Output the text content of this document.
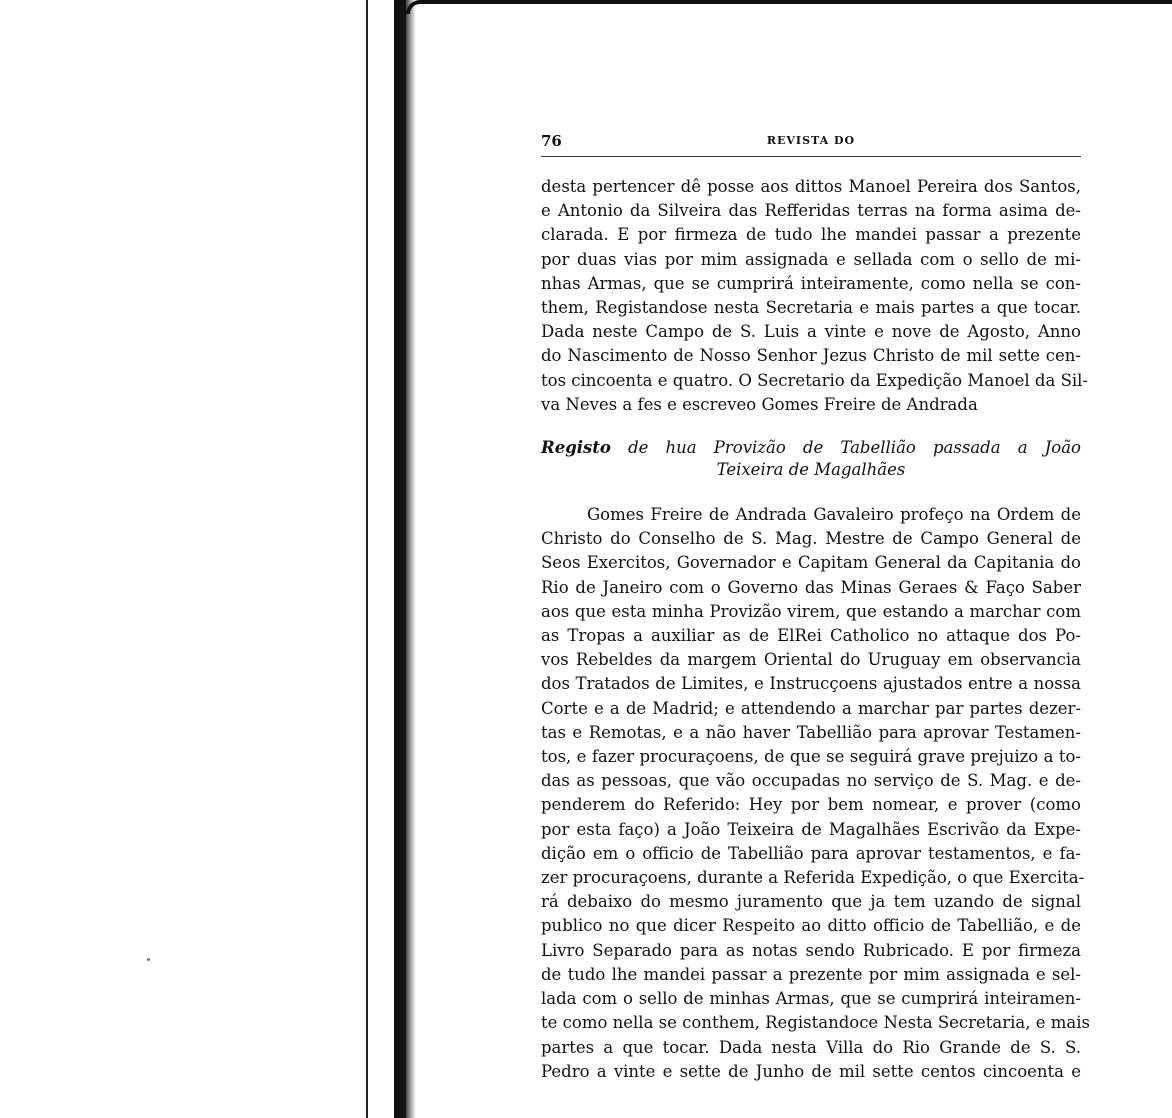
76	REVISTA DO
desta pertencer dê posse aos dittos Manoel Pereira dos Santos,
e Antonio da Silveira das Refferidas terras na forma asima de-
clarada. E por firmeza de tudo lhe mandei passar a prezente
por duas vias por mim assignada e sellada com o sello de mi-
nhas Armas, que se cumprirá inteiramente, como nella se con-
them, Registandose nesta Secretaria e mais partes a que tocar.
Dada neste Campo de S. Luis a vinte e nove de Agosto, Anno
do Nascimento de Nosso Senhor Jezus Christo de mil sette cen-
tos cincoenta e quatro. O Secretario da Expedição Manoel da Sil-
va Neves a fes e escreveo Gomes Freire de Andrada
Registo de hua Provizão de Tabellião passada a João
Teixeira de Magalhães
Gomes Freire de Andrada Gavaleiro profeço na Ordem de
Christo do Conselho de S. Mag. Mestre de Campo General de
Seos Exercitos, Governador e Capitam General da Capitania do
Rio de Janeiro com o Governo das Minas Geraes & Faço Saber
aos que esta minha Provizão virem, que estando a marchar com
as Tropas a auxiliar as de ElRei Catholico no attaque dos Po-
vos Rebeldes da margem Oriental do Uruguay em observancia
dos Tratados de Limites, e Instrucçoens ajustados entre a nossa
Corte e a de Madrid; e attendendo a marchar par partes dezer-
tas e Remotas, e a não haver Tabellião para aprovar Testamen-
tos, e fazer procuraçoens, de que se seguirá grave prejuizo a to-
das as pessoas, que vão occupadas no serviço de S. Mag. e de-
penderem do Referido: Hey por bem nomear, e prover (como
por esta faço) a João Teixeira de Magalhães Escrivão da Expe-
dição em o officio de Tabellião para aprovar testamentos, e fa-
zer procuraçoens, durante a Referida Expedição, o que Exercita-
rá debaixo do mesmo juramento que ja tem uzando de signal
publico no que dicer Respeito ao ditto officio de Tabellião, e de
Livro Separado para as notas sendo Rubricado. E por firmeza
de tudo lhe mandei passar a prezente por mim assignada e sel-
lada com o sello de minhas Armas, que se cumprirá inteiramen-
te como nella se conthem, Registandoce Nesta Secretaria, e mais
partes a que tocar. Dada nesta Villa do Rio Grande de S. S.
Pedro a vinte e sette de Junho de mil sette centos cincoenta e
